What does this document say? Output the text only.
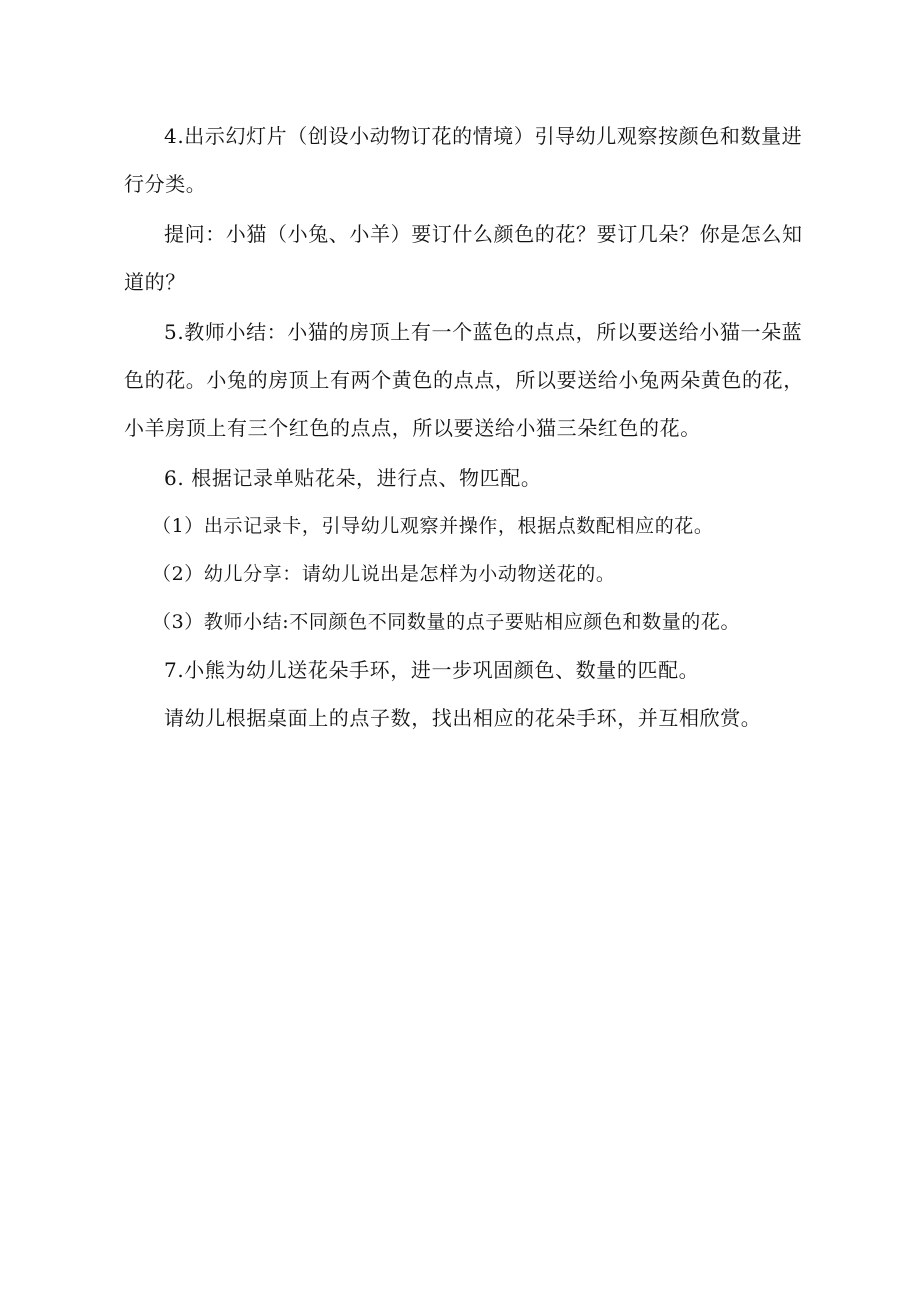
4.出示幻灯片（创设小动物订花的情境）引导幼儿观察按颜色和数量进行分类。

提问：小猫（小兔、小羊）要订什么颜色的花？要订几朵？你是怎么知道的？

5.教师小结：小猫的房顶上有一个蓝色的点点，所以要送给小猫一朵蓝色的花。小兔的房顶上有两个黄色的点点，所以要送给小兔两朵黄色的花，小羊房顶上有三个红色的点点，所以要送给小猫三朵红色的花。

6. 根据记录单贴花朵，进行点、物匹配。

（1）出示记录卡，引导幼儿观察并操作，根据点数配相应的花。

（2）幼儿分享：请幼儿说出是怎样为小动物送花的。

（3）教师小结:不同颜色不同数量的点子要贴相应颜色和数量的花。

7.小熊为幼儿送花朵手环，进一步巩固颜色、数量的匹配。

请幼儿根据桌面上的点子数，找出相应的花朵手环，并互相欣赏。
